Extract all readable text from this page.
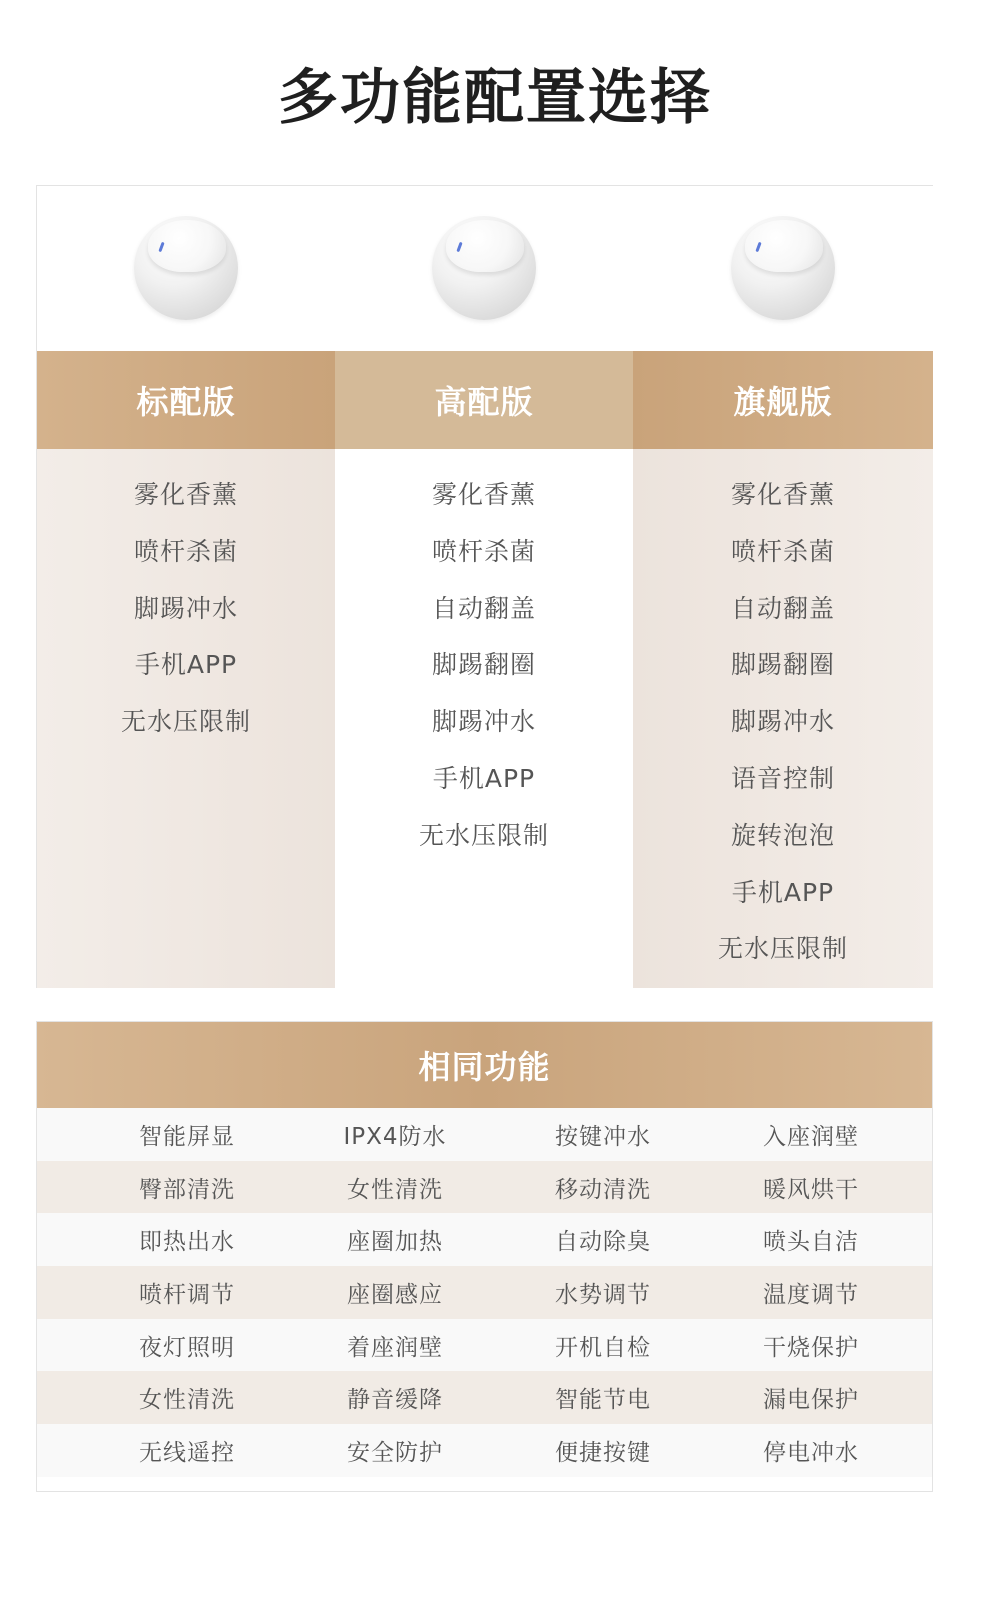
多功能配置选择
标配版
雾化香薰
喷杆杀菌
脚踢冲水
手机APP
无水压限制
高配版
雾化香薰
喷杆杀菌
自动翻盖
脚踢翻圈
脚踢冲水
手机APP
无水压限制
旗舰版
雾化香薰
喷杆杀菌
自动翻盖
脚踢翻圈
脚踢冲水
语音控制
旋转泡泡
手机APP
无水压限制
相同功能
智能屏显	IPX4防水	按键冲水	入座润壁
臀部清洗	女性清洗	移动清洗	暖风烘干
即热出水	座圈加热	自动除臭	喷头自洁
喷杆调节	座圈感应	水势调节	温度调节
夜灯照明	着座润壁	开机自检	干烧保护
女性清洗	静音缓降	智能节电	漏电保护
无线遥控	安全防护	便捷按键	停电冲水
